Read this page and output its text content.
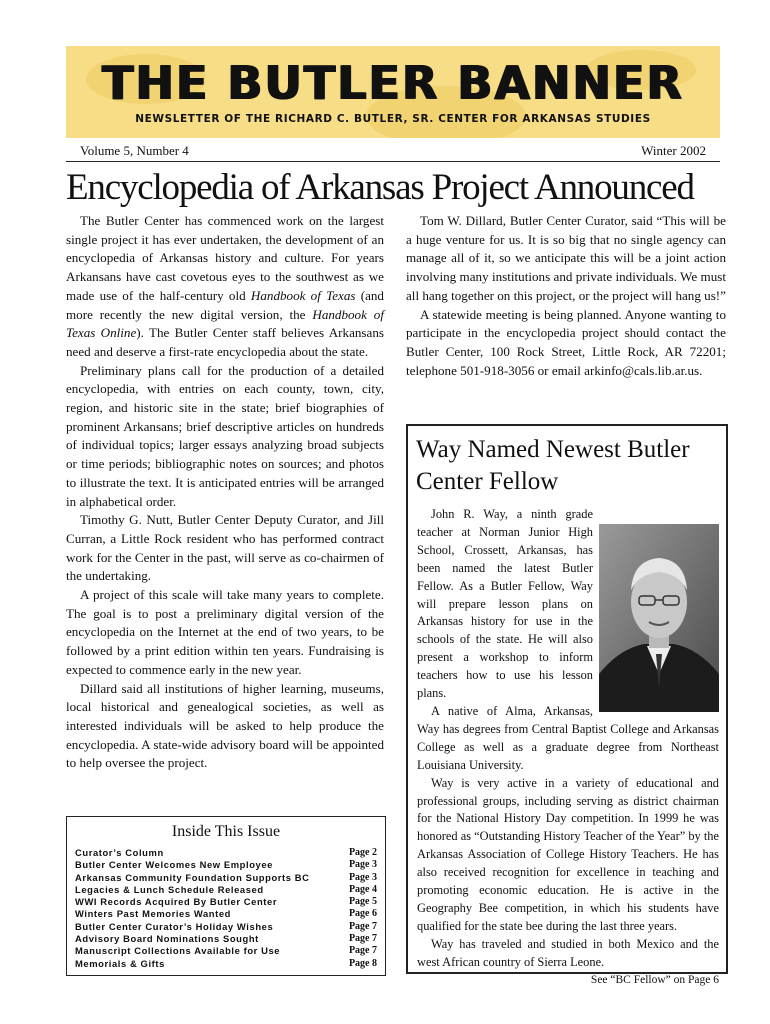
THE BUTLER BANNER
NEWSLETTER OF THE RICHARD C. BUTLER, SR. CENTER FOR ARKANSAS STUDIES
Volume 5, Number 4	Winter 2002
Encyclopedia of Arkansas Project Announced

The Butler Center has commenced work on the largest single project it has ever undertaken, the development of an encyclopedia of Arkansas history and culture. For years Arkansans have cast covetous eyes to the southwest as we made use of the half-century old Handbook of Texas (and more recently the new digital version, the Handbook of Texas Online). The Butler Center staff believes Arkansans need and deserve a first-rate encyclopedia about the state.

Preliminary plans call for the production of a detailed encyclopedia, with entries on each county, town, city, region, and historic site in the state; brief biographies of prominent Arkansans; brief descriptive articles on hundreds of individual topics; larger essays analyzing broad subjects or time periods; bibliographic notes on sources; and photos to illustrate the text. It is anticipated entries will be arranged in alphabetical order.

Timothy G. Nutt, Butler Center Deputy Curator, and Jill Curran, a Little Rock resident who has performed contract work for the Center in the past, will serve as co-chairmen of the undertaking.

A project of this scale will take many years to complete. The goal is to post a preliminary digital version of the encyclopedia on the Internet at the end of two years, to be followed by a print edition within ten years. Fundraising is expected to commence early in the new year.

Dillard said all institutions of higher learning, museums, local historical and genealogical societies, as well as interested individuals will be asked to help produce the encyclopedia. A state-wide advisory board will be appointed to help oversee the project.

Tom W. Dillard, Butler Center Curator, said “This will be a huge venture for us. It is so big that no single agency can manage all of it, so we anticipate this will be a joint action involving many institutions and private individuals. We must all hang together on this project, or the project will hang us!”

A statewide meeting is being planned. Anyone wanting to participate in the encyclopedia project should contact the Butler Center, 100 Rock Street, Little Rock, AR 72201; telephone 501-918-3056 or email arkinfo@cals.lib.ar.us.

Inside This Issue
Curator’s Column	Page 2
Butler Center Welcomes New Employee	Page 3
Arkansas Community Foundation Supports BC	Page 3
Legacies & Lunch Schedule Released	Page 4
WWI Records Acquired By Butler Center	Page 5
Winters Past Memories Wanted	Page 6
Butler Center Curator’s Holiday Wishes	Page 7
Advisory Board Nominations Sought	Page 7
Manuscript Collections Available for Use	Page 7
Memorials & Gifts	Page 8
Way Named Newest Butler Center Fellow

John R. Way, a ninth grade teacher at Norman Junior High School, Crossett, Arkansas, has been named the latest Butler Fellow. As a Butler Fellow, Way will prepare lesson plans on Arkansas history for use in the schools of the state. He will also present a workshop to inform teachers how to use his lesson plans.

A native of Alma, Arkansas, Way has degrees from Central Baptist College and Arkansas College as well as a graduate degree from Northeast Louisiana University.

Way is very active in a variety of educational and professional groups, including serving as district chairman for the National History Day competition. In 1999 he was honored as “Outstanding History Teacher of the Year” by the Arkansas Association of College History Teachers. He has also received recognition for excellence in teaching and promoting economic education. He is active in the Geography Bee competition, in which his students have qualified for the state bee during the last three years.

Way has traveled and studied in both Mexico and the west African country of Sierra Leone.

See “BC Fellow” on Page 6
